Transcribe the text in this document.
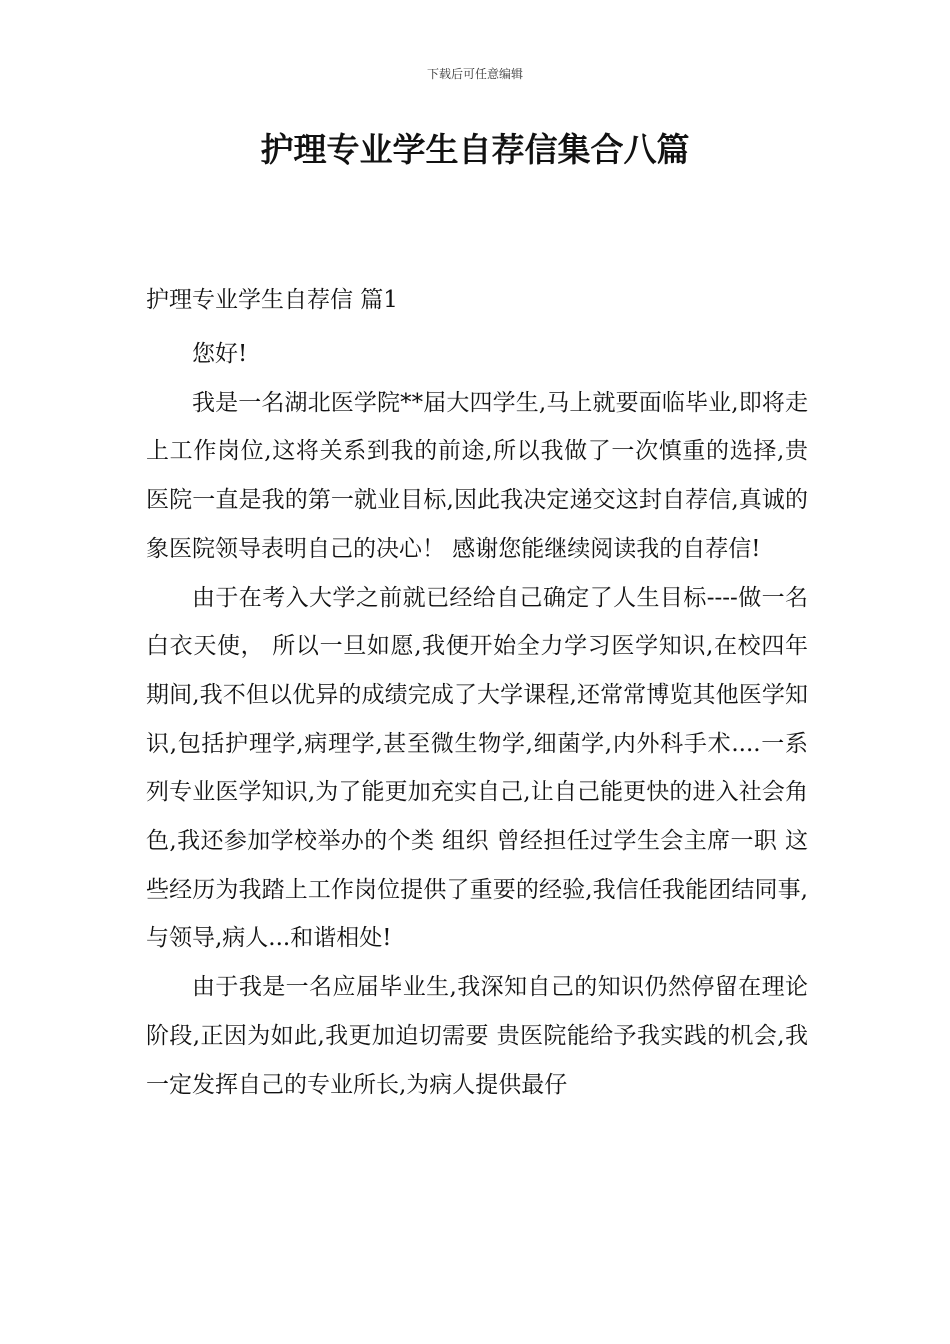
下载后可任意编辑
护理专业学生自荐信集合八篇
护理专业学生自荐信 篇1

您好!

我是一名湖北医学院**届大四学生,马上就要面临毕业,即将走上工作岗位,这将关系到我的前途,所以我做了一次慎重的选择,贵医院一直是我的第一就业目标,因此我决定递交这封自荐信,真诚的象医院领导表明自己的决心！ 感谢您能继续阅读我的自荐信!

由于在考入大学之前就已经给自己确定了人生目标----做一名 白衣天使， 所以一旦如愿,我便开始全力学习医学知识,在校四年期间,我不但以优异的成绩完成了大学课程,还常常博览其他医学知识,包括护理学,病理学,甚至微生物学,细菌学,内外科手术....一系列专业医学知识,为了能更加充实自己,让自己能更快的进入社会角色,我还参加学校举办的个类 组织 曾经担任过学生会主席一职 这些经历为我踏上工作岗位提供了重要的经验,我信任我能团结同事,与领导,病人...和谐相处!

由于我是一名应届毕业生,我深知自己的知识仍然停留在理论阶段,正因为如此,我更加迫切需要 贵医院能给予我实践的机会,我一定发挥自己的专业所长,为病人提供最仔
